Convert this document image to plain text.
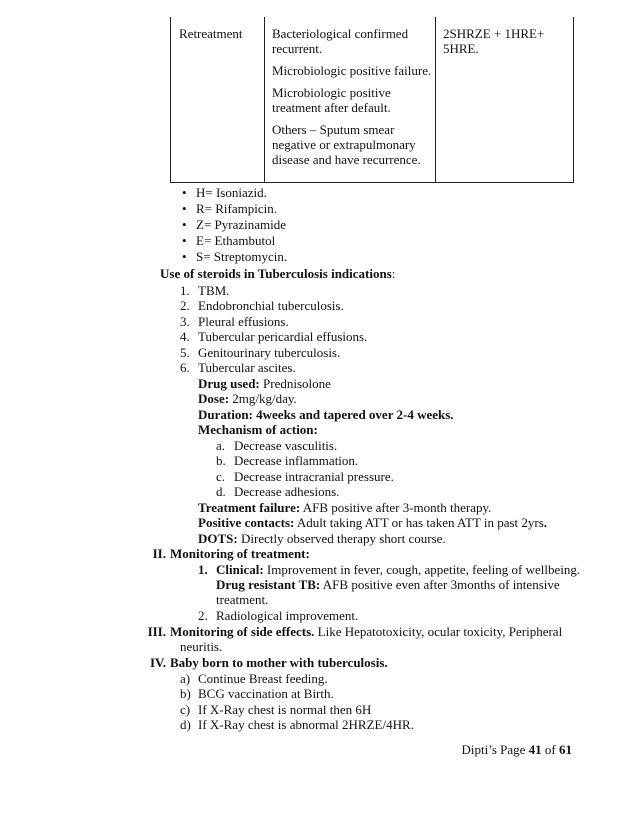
Retreatment	Bacteriological confirmed recurrent.

Microbiologic positive failure.

Microbiologic positive treatment after default.

Others – Sputum smear negative or extrapulmonary disease and have recurrence.

2SHRZE + 1HRE+ 5HRE.
• H= Isoniazid.
• R= Rifampicin.
• Z= Pyrazinamide
• E= Ethambutol
• S= Streptomycin.
Use of steroids in Tuberculosis indications:
1. TBM.
2. Endobronchial tuberculosis.
3. Pleural effusions.
4. Tubercular pericardial effusions.
5. Genitourinary tuberculosis.
6. Tubercular ascites.
Drug used: Prednisolone
Dose: 2mg/kg/day.
Duration: 4weeks and tapered over 2-4 weeks.
Mechanism of action:
a. Decrease vasculitis.
b. Decrease inflammation.
c. Decrease intracranial pressure.
d. Decrease adhesions.
Treatment failure: AFB positive after 3-month therapy.
Positive contacts: Adult taking ATT or has taken ATT in past 2yrs.
DOTS: Directly observed therapy short course.
II. Monitoring of treatment:
1. Clinical: Improvement in fever, cough, appetite, feeling of wellbeing.
Drug resistant TB: AFB positive even after 3months of intensive
treatment.
2. Radiological improvement.
III. Monitoring of side effects. Like Hepatotoxicity, ocular toxicity, Peripheral
neuritis.
IV. Baby born to mother with tuberculosis.
a) Continue Breast feeding.
b) BCG vaccination at Birth.
c) If X-Ray chest is normal then 6H
d) If X-Ray chest is abnormal 2HRZE/4HR.
Dipti’s Page 41 of 61
